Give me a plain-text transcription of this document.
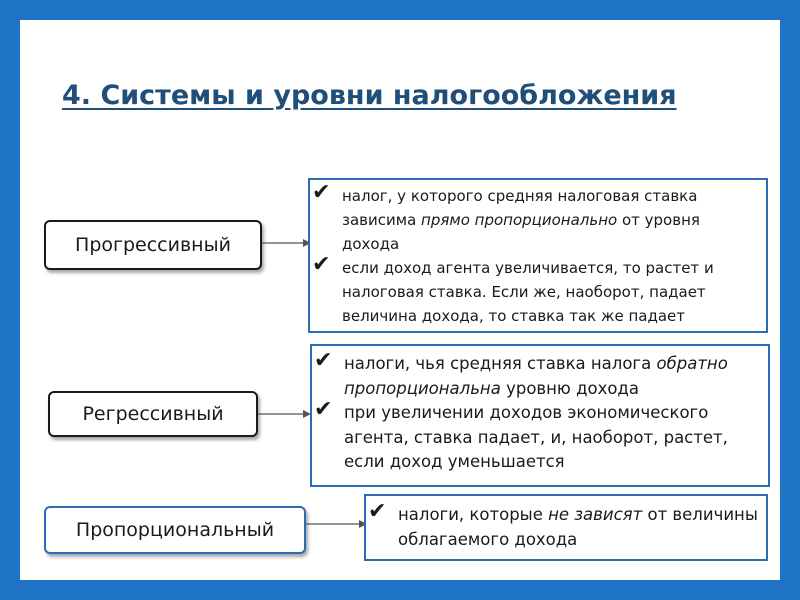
4. Системы и уровни налогообложения
Прогрессивный

✔ налог, у которого средняя налоговая ставка зависима прямо пропорционально от уровня дохода

✔ если доход агента увеличивается, то растет и налоговая ставка. Если же, наоборот, падает величина дохода, то ставка так же падает

Регрессивный

✔ налоги, чья средняя ставка налога обратно пропорциональна уровню дохода

✔ при увеличении доходов экономического агента, ставка падает, и, наоборот, растет, если доход уменьшается

Пропорциональный

✔ налоги, которые не зависят от величины облагаемого дохода
